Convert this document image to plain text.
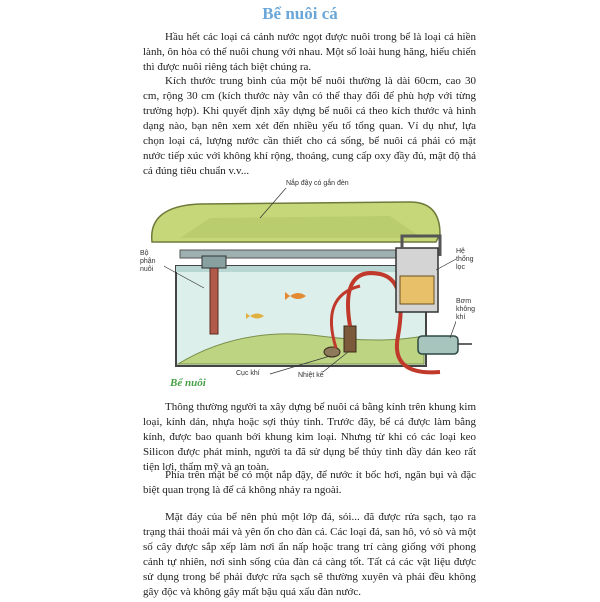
Bể nuôi cá

Hầu hết các loại cá cảnh nước ngọt được nuôi trong bể là loại cá hiền lành, ôn hòa có thể nuôi chung với nhau. Một số loài hung hăng, hiếu chiến thì được nuôi riêng tách biệt chúng ra.

Kích thước trung bình của một bể nuôi thường là dài 60cm, cao 30 cm, rộng 30 cm (kích thước này vẫn có thể thay đổi để phù hợp với từng trường hợp). Khi quyết định xây dựng bể nuôi cá theo kích thước và hình dạng nào, bạn nên xem xét đến nhiều yếu tố tổng quan. Ví dụ như, lựa chọn loại cá, lượng nước cần thiết cho cá sống, bể nuôi cá phải có mặt nước tiếp xúc với không khí rộng, thoáng, cung cấp oxy đầy đủ, mật độ thả cá đúng tiêu chuẩn v.v...

Nắp đậy có gắn đèn
Bộ phận nuôi
Hệ thống lọc
Bơm không khí
Cục khí	Nhiệt kế
Bể nuôi

Thông thường người ta xây dựng bể nuôi cá bằng kính trên khung kim loại, kính dán, nhựa hoặc sợi thủy tinh. Trước đây, bể cá được làm bằng kính, được bao quanh bởi khung kim loại. Nhưng từ khi có các loại keo Silicon được phát minh, người ta đã sử dụng bể thủy tinh dầy dán keo rất tiện lợi, thẩm mỹ và an toàn.

Phía trên mặt bể có một nắp đậy, để nước ít bốc hơi, ngăn bụi và đặc biệt quan trọng là để cá không nhảy ra ngoài.

Mặt đáy của bể nên phủ một lớp đá, sỏi... đã được rửa sạch, tạo ra trạng thái thoải mái và yên ổn cho đàn cá. Các loại đá, san hô, vỏ sò và một số cây được sắp xếp làm nơi ẩn nấp hoặc trang trí càng giống với phong cảnh tự nhiên, nơi sinh sống của đàn cá càng tốt. Tất cả các vật liệu được sử dụng trong bể phải được rửa sạch sẽ thường xuyên và phải đều không gây độc và không gây mất bậu quả xấu đàn nước.
